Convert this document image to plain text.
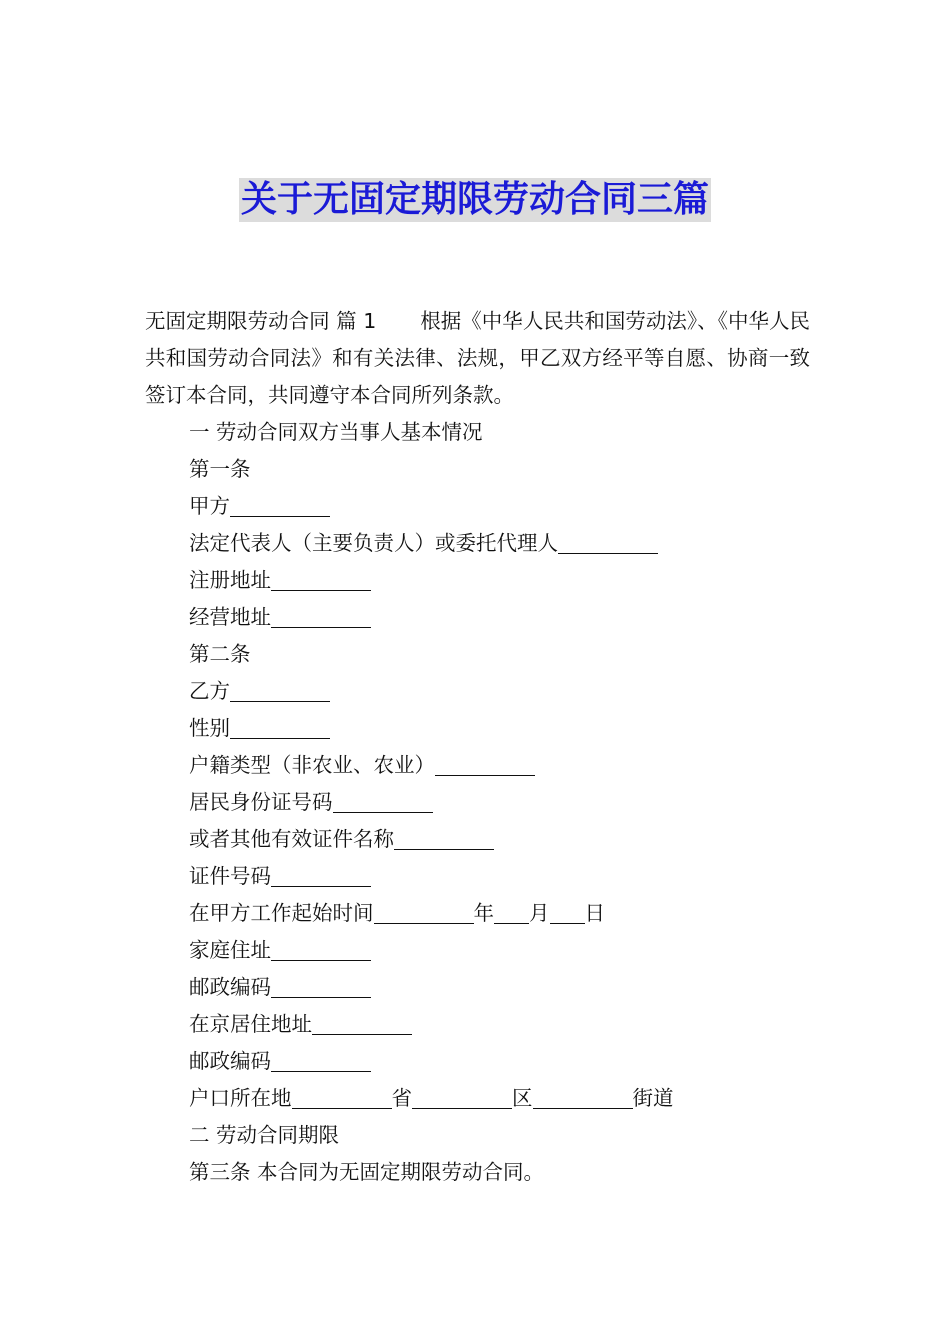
关于无固定期限劳动合同三篇

无固定期限劳动合同 篇 1 根据《中华人民共和国劳动法》、《中华人民共和国劳动合同法》和有关法律、法规，甲乙双方经平等自愿、协商一致签订本合同，共同遵守本合同所列条款。

一 劳动合同双方当事人基本情况

第一条

甲方

法定代表人（主要负责人）或委托代理人

注册地址

经营地址

第二条

乙方

性别

户籍类型（非农业、农业）

居民身份证号码

或者其他有效证件名称

证件号码

在甲方工作起始时间	年 月 日

家庭住址

邮政编码

在京居住地址

邮政编码

户口所在地	省	区	街道

二 劳动合同期限

第三条 本合同为无固定期限劳动合同。
